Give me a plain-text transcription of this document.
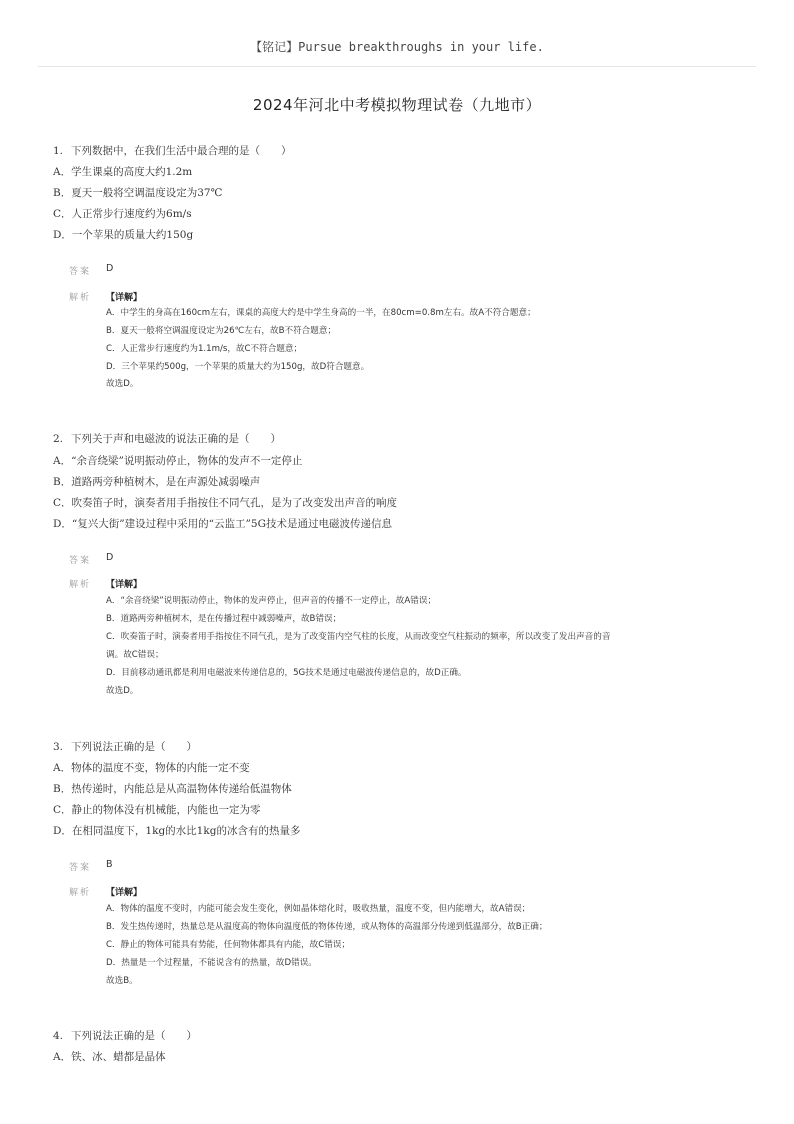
【铭记】Pursue breakthroughs in your life.
2024年河北中考模拟物理试卷（九地市）
1. 下列数据中，在我们生活中最合理的是（　　）
A．学生课桌的高度大约1.2m
B．夏天一般将空调温度设定为37℃
C．人正常步行速度约为6m/s
D．一个苹果的质量大约150g
答案 D
解析 【详解】
A．中学生的身高在160cm左右，课桌的高度大约是中学生身高的一半，在80cm=0.8m左右。故A不符合题意；
B．夏天一般将空调温度设定为26℃左右，故B不符合题意；
C．人正常步行速度约为1.1m/s，故C不符合题意；
D．三个苹果约500g，一个苹果的质量大约为150g，故D符合题意。
故选D。
2. 下列关于声和电磁波的说法正确的是（　　）
A．“余音绕梁”说明振动停止，物体的发声不一定停止
B．道路两旁种植树木，是在声源处减弱噪声
C．吹奏笛子时，演奏者用手指按住不同气孔，是为了改变发出声音的响度
D．“复兴大街”建设过程中采用的“云监工”5G技术是通过电磁波传递信息
答案 D
解析 【详解】
A．“余音绕梁”说明振动停止，物体的发声停止，但声音的传播不一定停止，故A错误；
B．道路两旁种植树木，是在传播过程中减弱噪声，故B错误；
C．吹奏笛子时，演奏者用手指按住不同气孔，是为了改变笛内空气柱的长度，从而改变空气柱振动的频率，所以改变了发出声音的音
调。故C错误；
D．目前移动通讯都是利用电磁波来传递信息的，5G技术是通过电磁波传递信息的，故D正确。
故选D。
3. 下列说法正确的是（　　）
A．物体的温度不变，物体的内能一定不变
B．热传递时，内能总是从高温物体传递给低温物体
C．静止的物体没有机械能，内能也一定为零
D．在相同温度下，1kg的水比1kg的冰含有的热量多
答案 B
解析 【详解】
A．物体的温度不变时，内能可能会发生变化，例如晶体熔化时，吸收热量，温度不变，但内能增大，故A错误；
B．发生热传递时，热量总是从温度高的物体向温度低的物体传递，或从物体的高温部分传递到低温部分，故B正确；
C．静止的物体可能具有势能，任何物体都具有内能，故C错误；
D．热量是一个过程量，不能说含有的热量，故D错误。
故选B。
4. 下列说法正确的是（　　）
A．铁、冰、蜡都是晶体
